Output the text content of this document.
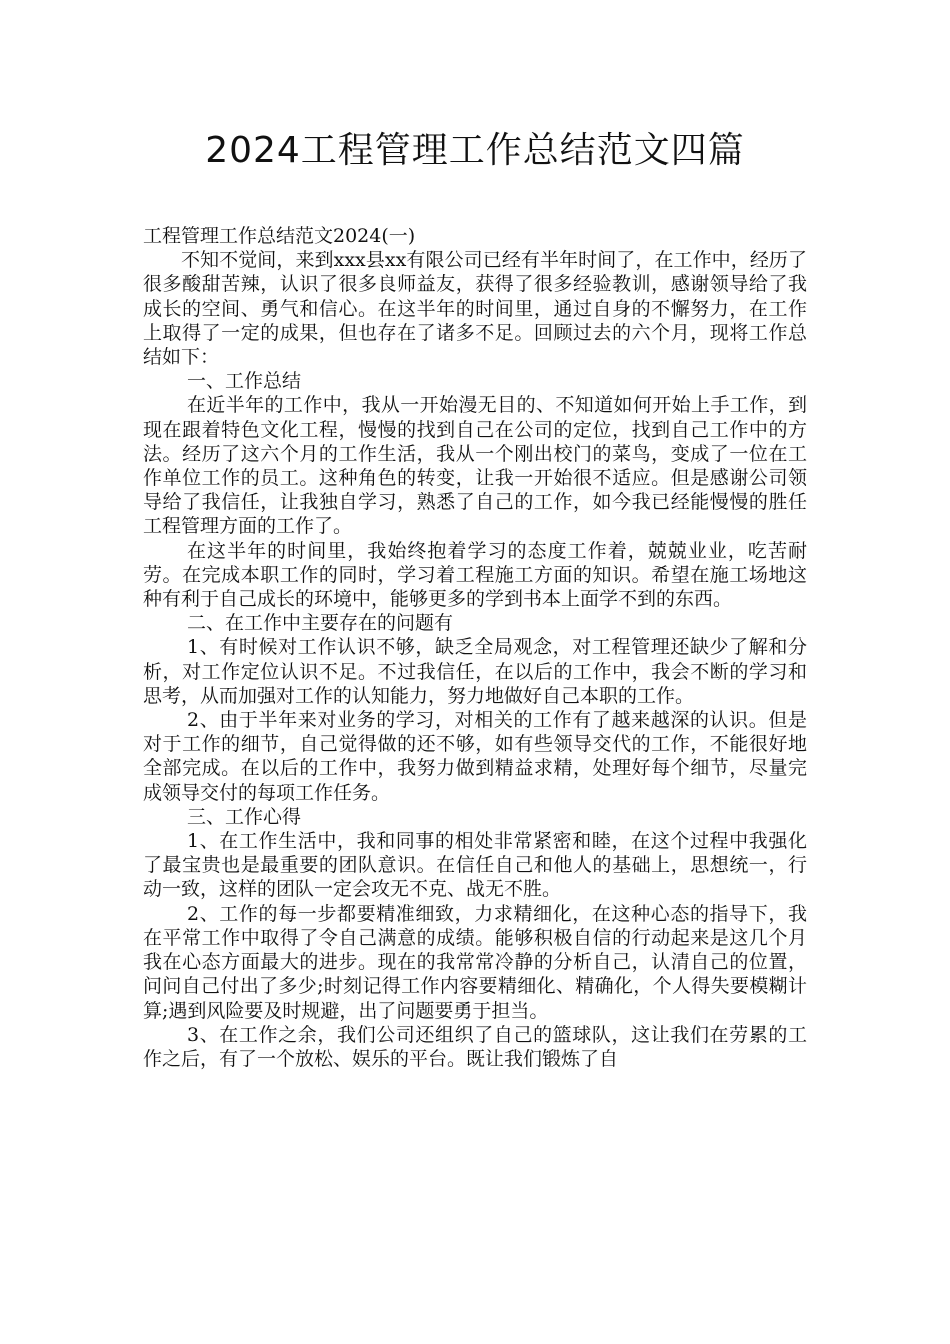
2024工程管理工作总结范文四篇

工程管理工作总结范文2024(一)

不知不觉间，来到xxx县xx有限公司已经有半年时间了，在工作中，经历了很多酸甜苦辣，认识了很多良师益友，获得了很多经验教训，感谢领导给了我成长的空间、勇气和信心。在这半年的时间里，通过自身的不懈努力，在工作上取得了一定的成果，但也存在了诸多不足。回顾过去的六个月，现将工作总结如下：

一、工作总结

在近半年的工作中，我从一开始漫无目的、不知道如何开始上手工作，到现在跟着特色文化工程，慢慢的找到自己在公司的定位，找到自己工作中的方法。经历了这六个月的工作生活，我从一个刚出校门的菜鸟，变成了一位在工作单位工作的员工。这种角色的转变，让我一开始很不适应。但是感谢公司领导给了我信任，让我独自学习，熟悉了自己的工作，如今我已经能慢慢的胜任工程管理方面的工作了。

在这半年的时间里，我始终抱着学习的态度工作着，兢兢业业，吃苦耐劳。在完成本职工作的同时，学习着工程施工方面的知识。希望在施工场地这种有利于自己成长的环境中，能够更多的学到书本上面学不到的东西。

二、在工作中主要存在的问题有

1、有时候对工作认识不够，缺乏全局观念，对工程管理还缺少了解和分析，对工作定位认识不足。不过我信任，在以后的工作中，我会不断的学习和思考，从而加强对工作的认知能力，努力地做好自己本职的工作。

2、由于半年来对业务的学习，对相关的工作有了越来越深的认识。但是对于工作的细节，自己觉得做的还不够，如有些领导交代的工作，不能很好地全部完成。在以后的工作中，我努力做到精益求精，处理好每个细节，尽量完成领导交付的每项工作任务。

三、工作心得

1、在工作生活中，我和同事的相处非常紧密和睦，在这个过程中我强化了最宝贵也是最重要的团队意识。在信任自己和他人的基础上，思想统一，行动一致，这样的团队一定会攻无不克、战无不胜。

2、工作的每一步都要精准细致，力求精细化，在这种心态的指导下，我在平常工作中取得了令自己满意的成绩。能够积极自信的行动起来是这几个月我在心态方面最大的进步。现在的我常常冷静的分析自己，认清自己的位置，问问自己付出了多少;时刻记得工作内容要精细化、精确化，个人得失要模糊计算;遇到风险要及时规避，出了问题要勇于担当。

3、在工作之余，我们公司还组织了自己的篮球队，这让我们在劳累的工作之后，有了一个放松、娱乐的平台。既让我们锻炼了自
